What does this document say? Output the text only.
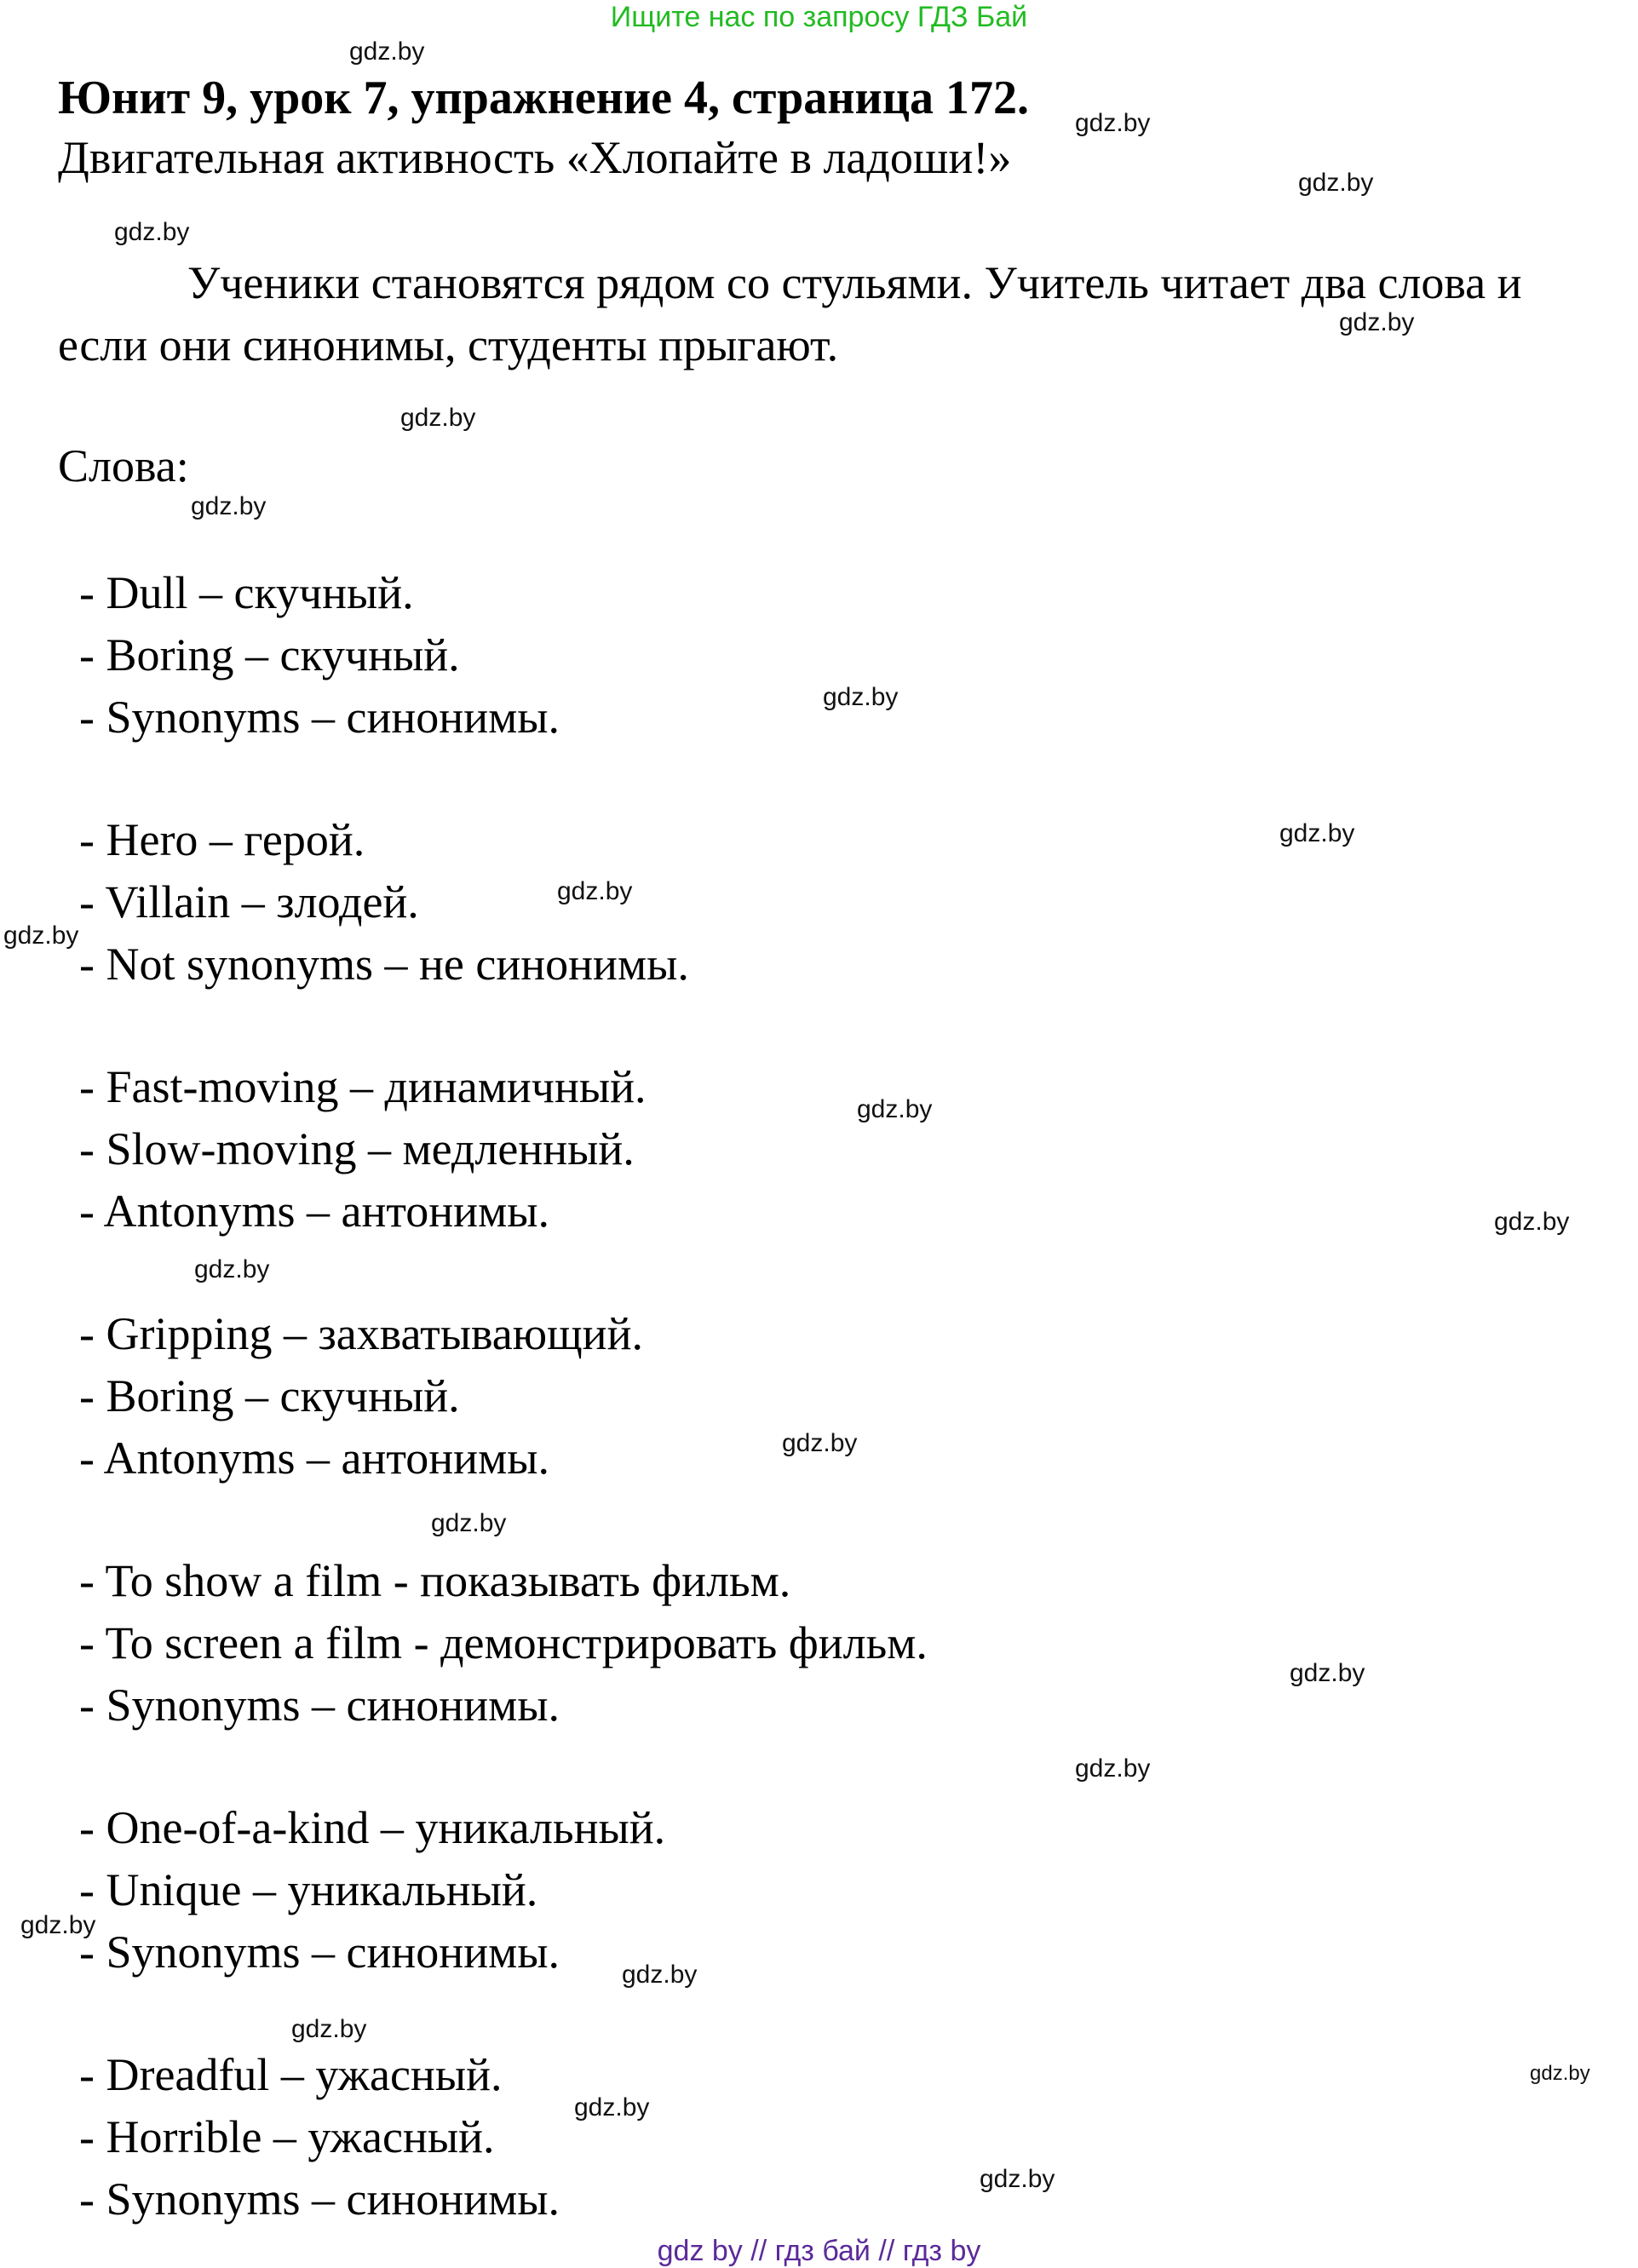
Ищите нас по запросу ГДЗ Бай
Юнит 9, урок 7, упражнение 4, страница 172.
Двигательная активность «Хлопайте в ладоши!»
Ученики становятся рядом со стульями. Учитель читает два слова и если они синонимы, студенты прыгают.
Слова:
- Dull – скучный.
- Boring – скучный.
- Synonyms – синонимы.
- Hero – герой.
- Villain – злодей.
- Not synonyms – не синонимы.
- Fast-moving – динамичный.
- Slow-moving – медленный.
- Antonyms – антонимы.
- Gripping – захватывающий.
- Boring – скучный.
- Antonyms – антонимы.
- To show a film - показывать фильм.
- To screen a film - демонстрировать фильм.
- Synonyms – синонимы.
- One-of-a-kind – уникальный.
- Unique – уникальный.
- Synonyms – синонимы.
- Dreadful – ужасный.
- Horrible – ужасный.
- Synonyms – синонимы.
gdz.by
gdz.by
gdz.by
gdz.by
gdz.by
gdz.by
gdz.by
gdz.by
gdz.by
gdz.by
gdz.by
gdz.by
gdz.by
gdz.by
gdz.by
gdz.by
gdz.by
gdz.by
gdz.by
gdz.by
gdz.by
gdz.by
gdz.by
gdz.by
gdz by // гдз бай // гдз by
